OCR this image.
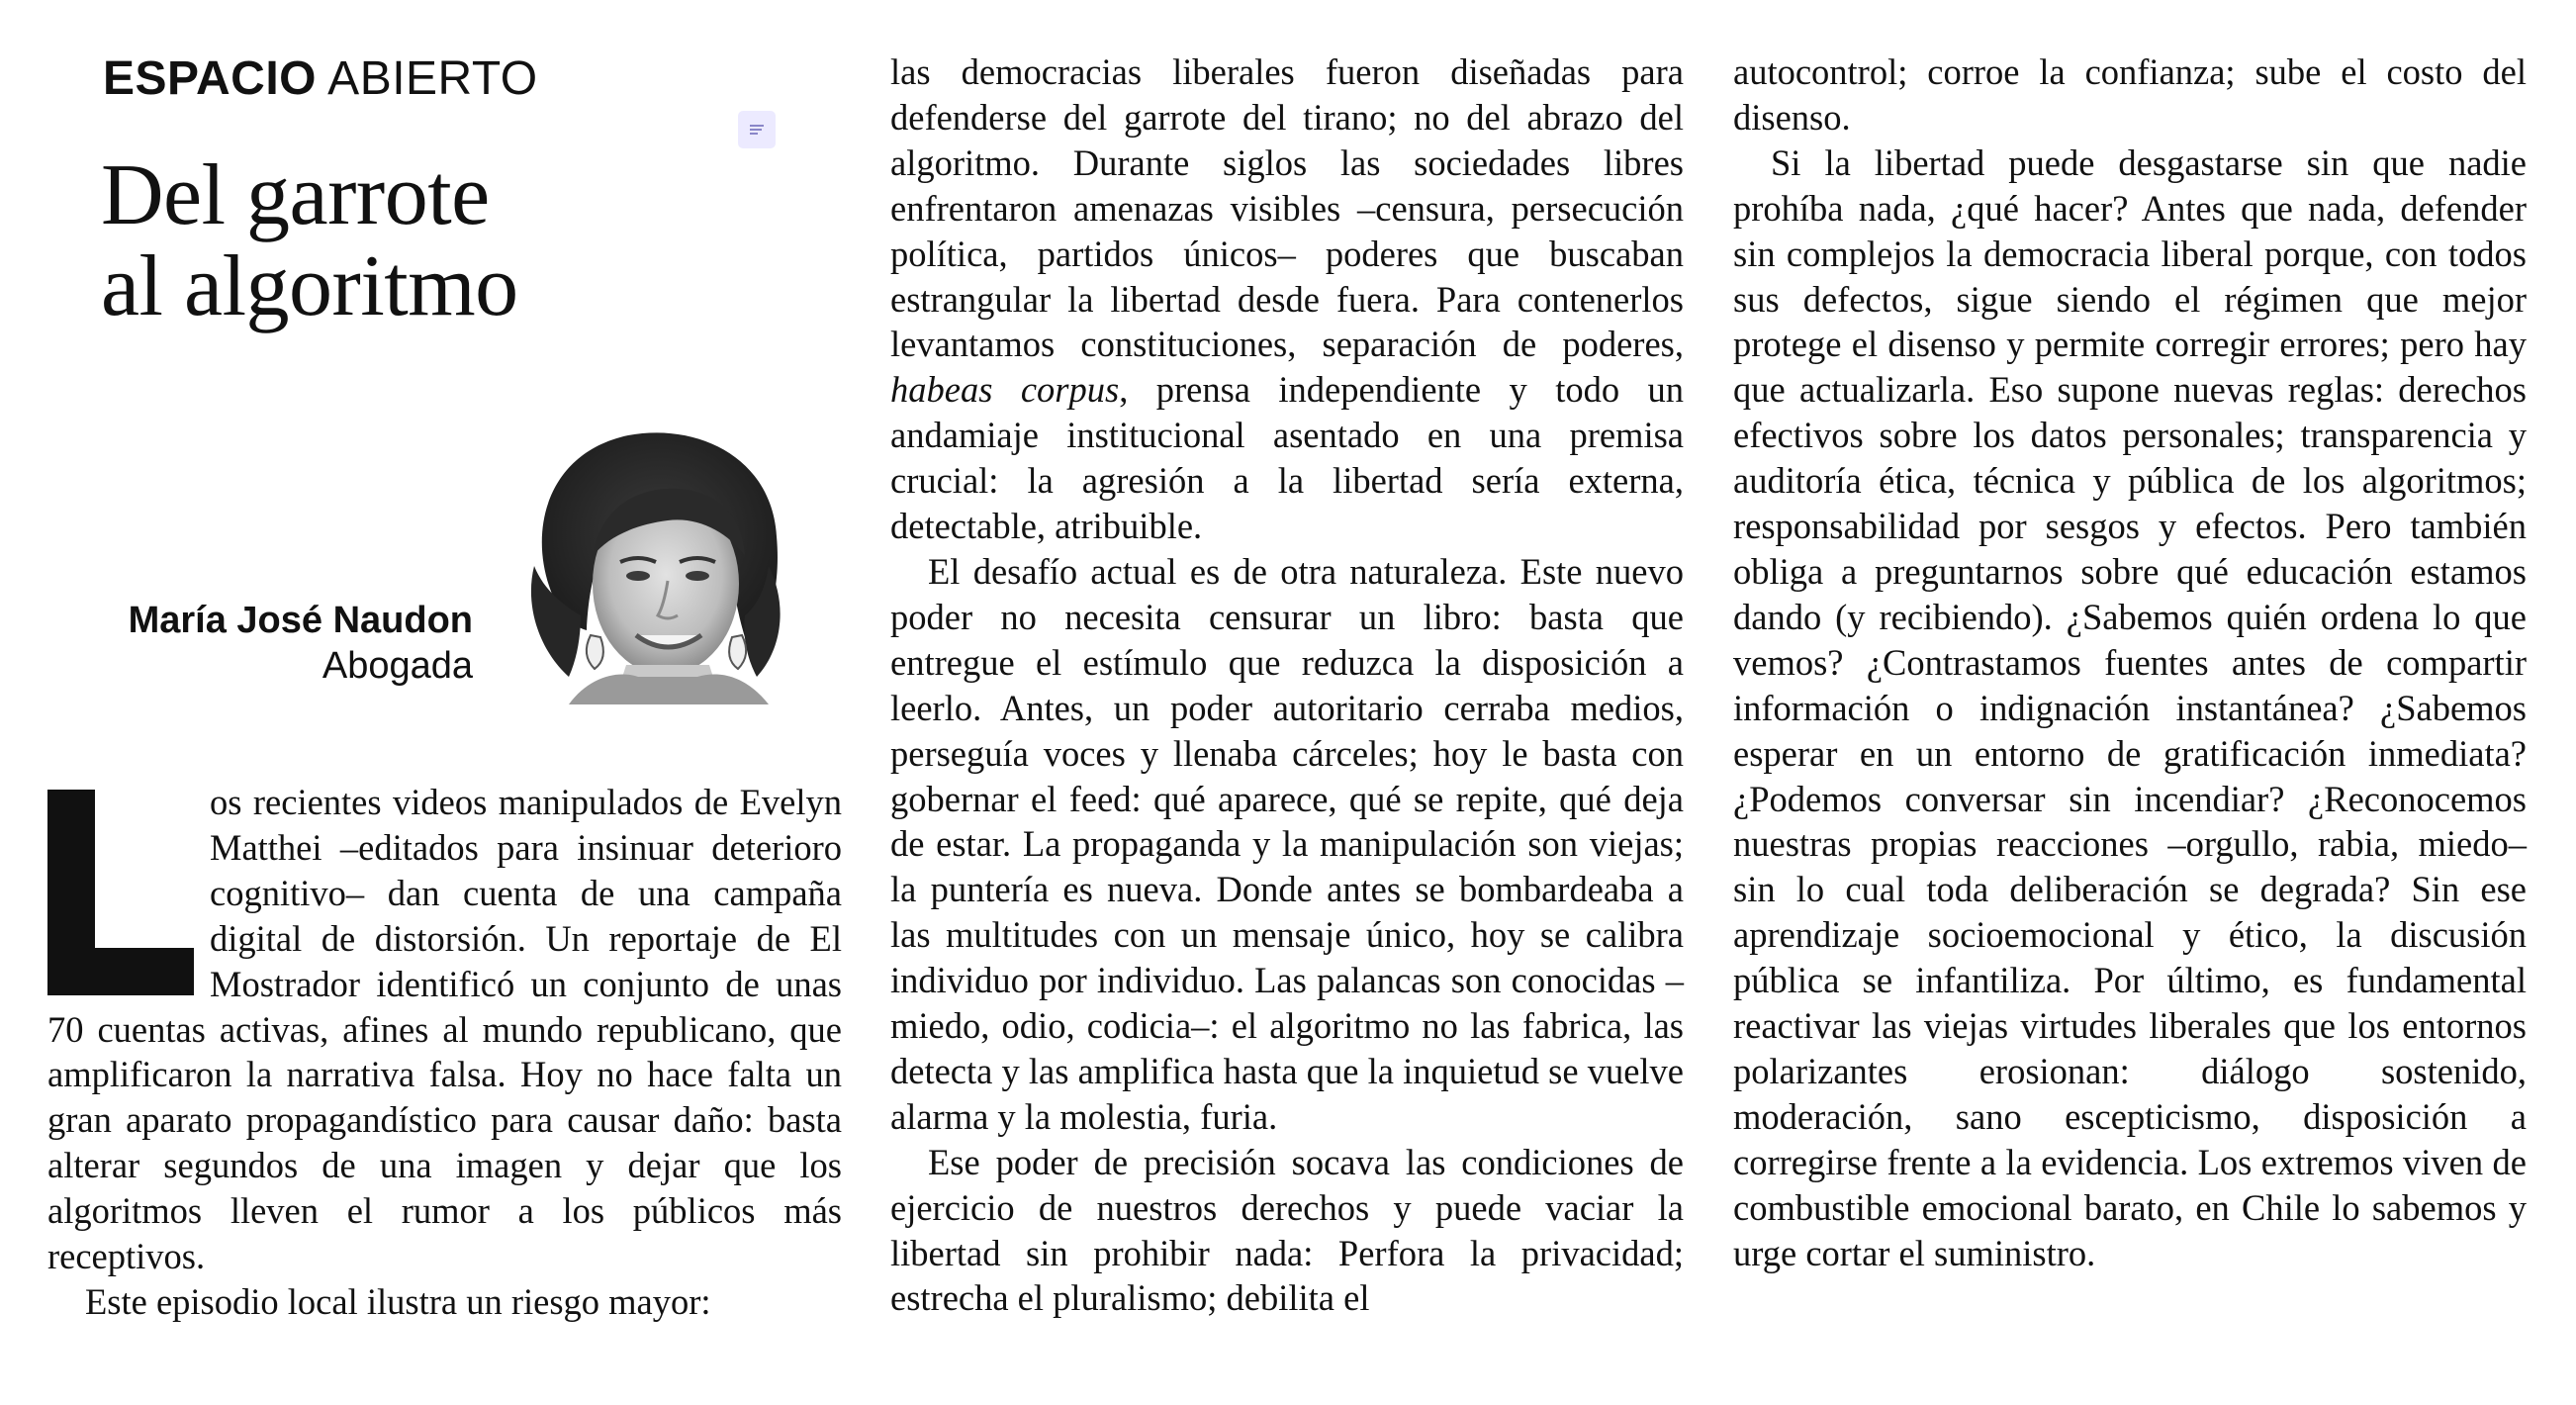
ESPACIO ABIERTO
Del garrote
al algoritmo
María José Naudon
Abogada

os recientes videos manipulados de Evelyn Matthei –editados para insinuar deterioro cognitivo– dan cuenta de una campaña digital de distorsión. Un reportaje de El Mostrador identificó un conjunto de unas 70 cuentas activas, afines al mundo republicano, que amplificaron la narrativa falsa. Hoy no hace falta un gran aparato propagandístico para causar daño: basta alterar segundos de una imagen y dejar que los algoritmos lleven el rumor a los públicos más receptivos.

Este episodio local ilustra un riesgo mayor:

las democracias liberales fueron diseñadas para defenderse del garrote del tirano; no del abrazo del algoritmo. Durante siglos las sociedades libres enfrentaron amenazas visibles –censura, persecución política, partidos únicos– poderes que buscaban estrangular la libertad desde fuera. Para contenerlos levantamos constituciones, separación de poderes, habeas corpus, prensa independiente y todo un andamiaje institucional asentado en una premisa crucial: la agresión a la libertad sería externa, detectable, atribuible.

El desafío actual es de otra naturaleza. Este nuevo poder no necesita censurar un libro: basta que entregue el estímulo que reduzca la disposición a leerlo. Antes, un poder autoritario cerraba medios, perseguía voces y llenaba cárceles; hoy le basta con gobernar el feed: qué aparece, qué se repite, qué deja de estar. La propaganda y la manipulación son viejas; la puntería es nueva. Donde antes se bombardeaba a las multitudes con un mensaje único, hoy se calibra individuo por individuo. Las palancas son conocidas –miedo, odio, codicia–: el algoritmo no las fabrica, las detecta y las amplifica hasta que la inquietud se vuelve alarma y la molestia, furia.

Ese poder de precisión socava las condiciones de ejercicio de nuestros derechos y puede vaciar la libertad sin prohibir nada: Perfora la privacidad; estrecha el pluralismo; debilita el

autocontrol; corroe la confianza; sube el costo del disenso.

Si la libertad puede desgastarse sin que nadie prohíba nada, ¿qué hacer? Antes que nada, defender sin complejos la democracia liberal porque, con todos sus defectos, sigue siendo el régimen que mejor protege el disenso y permite corregir errores; pero hay que actualizarla. Eso supone nuevas reglas: derechos efectivos sobre los datos personales; transparencia y auditoría ética, técnica y pública de los algoritmos; responsabilidad por sesgos y efectos. Pero también obliga a preguntarnos sobre qué educación estamos dando (y recibiendo). ¿Sabemos quién ordena lo que vemos? ¿Contrastamos fuentes antes de compartir información o indignación instantánea? ¿Sabemos esperar en un entorno de gratificación inmediata? ¿Podemos conversar sin incendiar? ¿Reconocemos nuestras propias reacciones –orgullo, rabia, miedo– sin lo cual toda deliberación se degrada? Sin ese aprendizaje socioemocional y ético, la discusión pública se infantiliza. Por último, es fundamental reactivar las viejas virtudes liberales que los entornos polarizantes erosionan: diálogo sostenido, moderación, sano escepticismo, disposición a corregirse frente a la evidencia. Los extremos viven de combustible emocional barato, en Chile lo sabemos y urge cortar el suministro.
